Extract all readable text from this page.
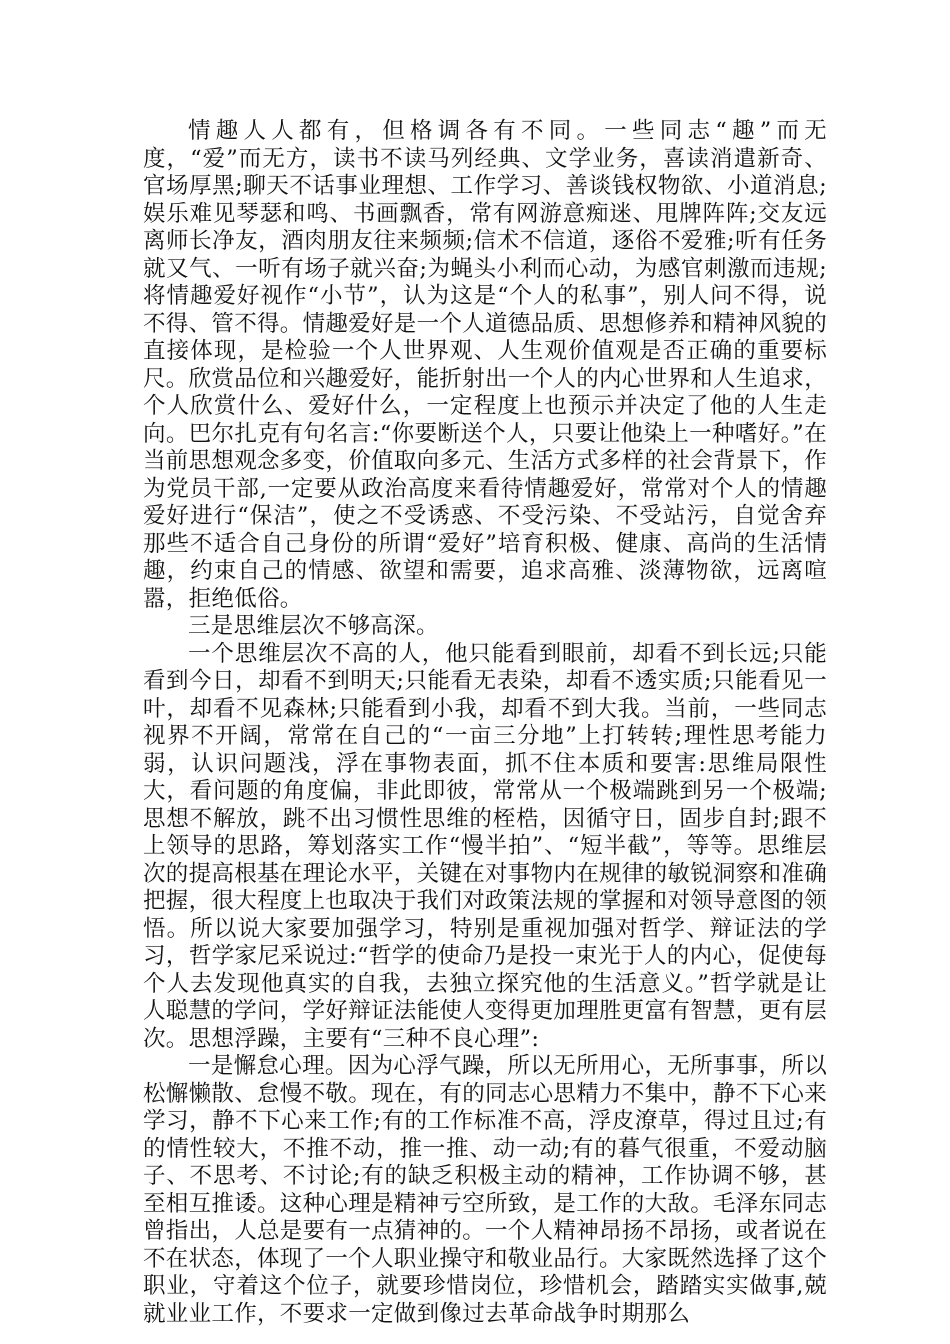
情趣人人都有，但格调各有不同。一些同志“趣”而无度，“爱”而无方，读书不读马列经典、文学业务，喜读消遣新奇、官场厚黑;聊天不话事业理想、工作学习、善谈钱权物欲、小道消息;娱乐难见琴瑟和鸣、书画飘香，常有网游意痴迷、甩牌阵阵;交友远离师长净友，酒肉朋友往来频频;信术不信道，逐俗不爱雅;听有任务就又气、一听有场子就兴奋;为蝇头小利而心动，为感官刺激而违规;将情趣爱好视作“小节”，认为这是“个人的私事”，别人问不得，说不得、管不得。情趣爱好是一个人道德品质、思想修养和精神风貌的直接体现，是检验一个人世界观、人生观价值观是否正确的重要标尺。欣赏品位和兴趣爱好，能折射出一个人的内心世界和人生追求，个人欣赏什么、爱好什么，一定程度上也预示并决定了他的人生走向。巴尔扎克有句名言:“你要断送个人，只要让他染上一种嗜好。”在当前思想观念多变，价值取向多元、生活方式多样的社会背景下，作为党员干部,一定要从政治高度来看待情趣爱好，常常对个人的情趣爱好进行“保洁”，使之不受诱惑、不受污染、不受站污，自觉舍弃那些不适合自己身份的所谓“爱好”培育积极、健康、高尚的生活情趣，约束自己的情感、欲望和需要，追求高雅、淡薄物欲，远离喧嚣，拒绝低俗。

三是思维层次不够高深。

一个思维层次不高的人，他只能看到眼前，却看不到长远;只能看到今日，却看不到明天;只能看无表染，却看不透实质;只能看见一叶，却看不见森林;只能看到小我，却看不到大我。当前，一些同志视界不开阔，常常在自己的“一亩三分地”上打转转;理性思考能力弱，认识问题浅，浮在事物表面，抓不住本质和要害:思维局限性大，看问题的角度偏，非此即彼，常常从一个极端跳到另一个极端;思想不解放，跳不出习惯性思维的桎梏，因循守日，固步自封;跟不上领导的思路，筹划落实工作“慢半拍”、“短半截”，等等。思维层次的提高根基在理论水平，关键在对事物内在规律的敏锐洞察和准确把握，很大程度上也取决于我们对政策法规的掌握和对领导意图的领悟。所以说大家要加强学习，特别是重视加强对哲学、辩证法的学习，哲学家尼采说过:“哲学的使命乃是投一束光于人的内心，促使每个人去发现他真实的自我，去独立探究他的生活意义。”哲学就是让人聪慧的学问，学好辩证法能使人变得更加理胜更富有智慧，更有层次。思想浮躁，主要有“三种不良心理”:

一是懈怠心理。因为心浮气躁，所以无所用心，无所事事，所以松懈懒散、怠慢不敬。现在，有的同志心思精力不集中，静不下心来学习，静不下心来工作;有的工作标准不高，浮皮潦草，得过且过;有的情性较大，不推不动，推一推、动一动;有的暮气很重，不爱动脑子、不思考、不讨论;有的缺乏积极主动的精神，工作协调不够，甚至相互推诿。这种心理是精神亏空所致，是工作的大敌。毛泽东同志曾指出，人总是要有一点猜神的。一个人精神昂扬不昂扬，或者说在不在状态，体现了一个人职业操守和敬业品行。大家既然选择了这个职业，守着这个位子，就要珍惜岗位，珍惜机会，踏踏实实做事,兢就业业工作，不要求一定做到像过去革命战争时期那么
